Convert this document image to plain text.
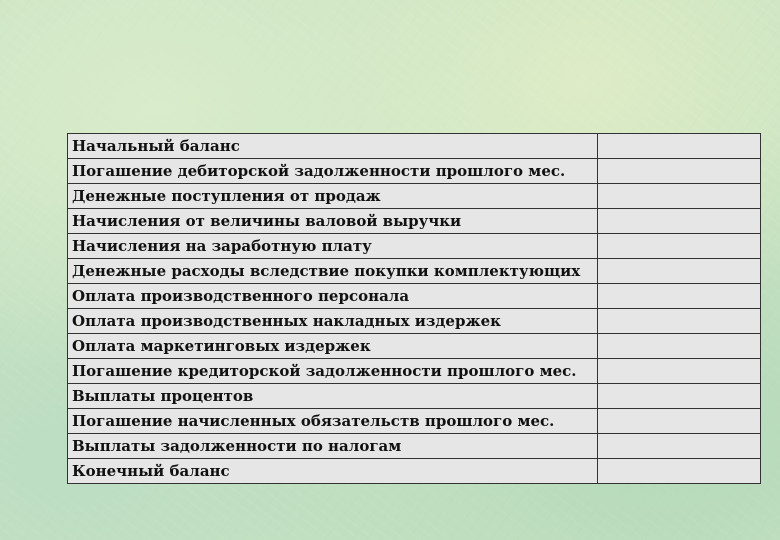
Начальный баланс	
Погашение дебиторской задолженности прошлого мес.	
Денежные поступления от продаж	
Начисления от величины валовой выручки	
Начисления на заработную плату	
Денежные расходы вследствие покупки комплектующих	
Оплата производственного персонала	
Оплата производственных накладных издержек	
Оплата маркетинговых издержек	
Погашение кредиторской задолженности прошлого мес.	
Выплаты процентов	
Погашение начисленных обязательств прошлого мес.	
Выплаты задолженности по налогам	
Конечный баланс	
